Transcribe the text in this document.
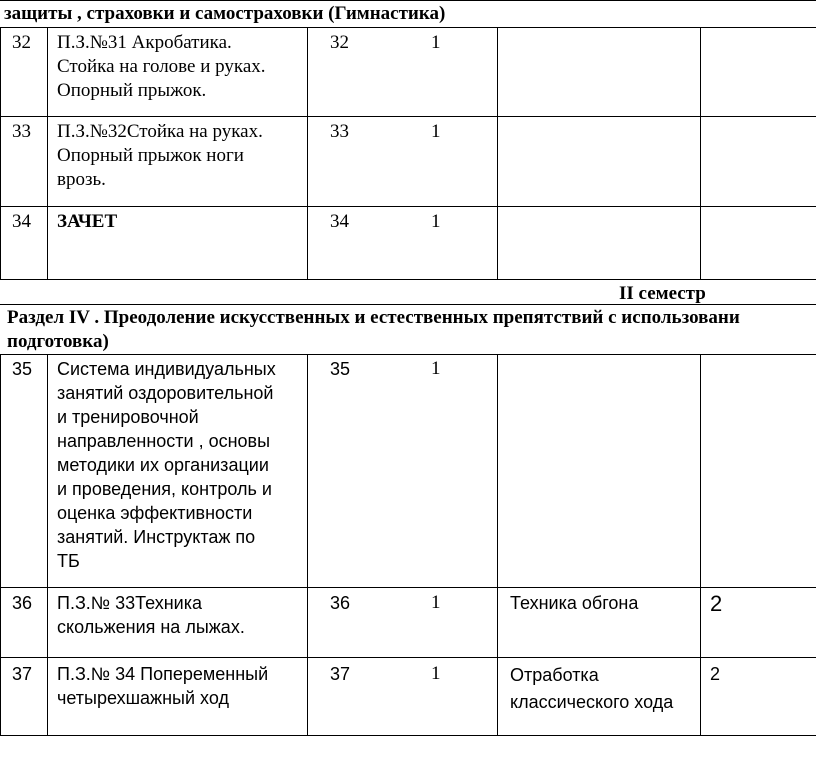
защиты , страховки и самостраховки (Гимнастика)
32 П.З.№31 Акробатика.
Стойка на голове и руках.
Опорный прыжок.
32	1
33 П.З.№32Стойка на руках.
Опорный прыжок ноги
врозь.
33	1
34 ЗАЧЕТ	34	1
II семестр
Раздел IV . Преодоление искусственных и естественных препятствий с использовани
подготовка)
35 Система индивидуальных
занятий оздоровительной
и тренировочной
направленности , основы
методики их организации
и проведения, контроль и
оценка эффективности
занятий. Инструктаж по
ТБ
35	1
36 П.З.№ 33Техника
скольжения на лыжах.
36	1	Техника обгона	2
37 П.З.№ 34 Попеременный
четырехшажный ход
37	1	Отработка
классического хода
2
